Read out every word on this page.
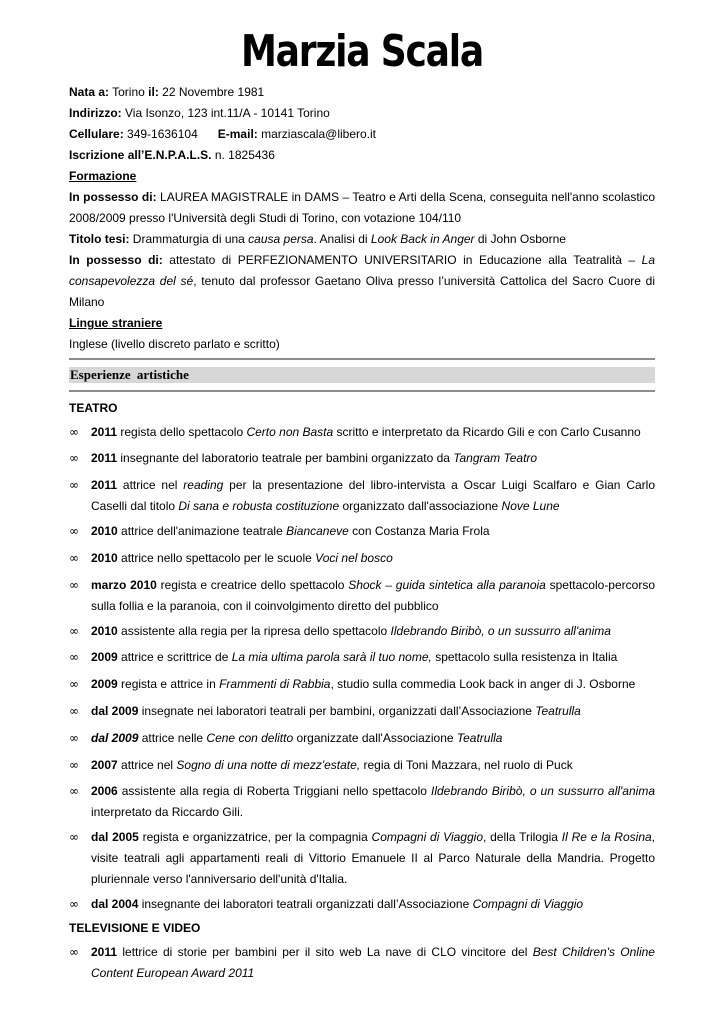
Marzia Scala

Nata a: Torino il: 22 Novembre 1981

Indirizzo: Via Isonzo, 123 int.11/A - 10141 Torino

Cellulare: 349-1636104 E-mail: marziascala@libero.it

Iscrizione all’E.N.P.A.L.S. n. 1825436

Formazione

In possesso di: LAUREA MAGISTRALE in DAMS – Teatro e Arti della Scena, conseguita nell'anno scolastico 2008/2009 presso l'Università degli Studi di Torino, con votazione 104/110

Titolo tesi: Drammaturgia di una causa persa. Analisi di Look Back in Anger di John Osborne

In possesso di: attestato di PERFEZIONAMENTO UNIVERSITARIO in Educazione alla Teatralità – La consapevolezza del sé, tenuto dal professor Gaetano Oliva presso l’università Cattolica del Sacro Cuore di Milano

Lingue straniere

Inglese (livello discreto parlato e scritto)

Esperienze artistiche
TEATRO
∞	2011 regista dello spettacolo Certo non Basta scritto e interpretato da Ricardo Gili e con Carlo Cusanno
∞	2011 insegnante del laboratorio teatrale per bambini organizzato da Tangram Teatro
∞	2011 attrice nel reading per la presentazione del libro-intervista a Oscar Luigi Scalfaro e Gian Carlo Caselli dal titolo Di sana e robusta costituzione organizzato dall'associazione Nove Lune
∞	2010 attrice dell'animazione teatrale Biancaneve con Costanza Maria Frola
∞	2010 attrice nello spettacolo per le scuole Voci nel bosco
∞	marzo 2010 regista e creatrice dello spettacolo Shock – guida sintetica alla paranoia spettacolo-percorso sulla follia e la paranoia, con il coinvolgimento diretto del pubblico
∞	2010 assistente alla regia per la ripresa dello spettacolo Ildebrando Biribò, o un sussurro all'anima
∞	2009 attrice e scrittrice de La mia ultima parola sarà il tuo nome, spettacolo sulla resistenza in Italia
∞	2009 regista e attrice in Frammenti di Rabbia, studio sulla commedia Look back in anger di J. Osborne
∞	dal 2009 insegnate nei laboratori teatrali per bambini, organizzati dall’Associazione Teatrulla
∞	dal 2009 attrice nelle Cene con delitto organizzate dall'Associazione Teatrulla
∞	2007 attrice nel Sogno di una notte di mezz'estate, regia di Toni Mazzara, nel ruolo di Puck
∞	2006 assistente alla regia di Roberta Triggiani nello spettacolo Ildebrando Biribò, o un sussurro all'anima interpretato da Riccardo Gili.
∞	dal 2005 regista e organizzatrice, per la compagnia Compagni di Viaggio, della Trilogia Il Re e la Rosina, visite teatrali agli appartamenti reali di Vittorio Emanuele II al Parco Naturale della Mandria. Progetto pluriennale verso l'anniversario dell'unità d'Italia.
∞	dal 2004 insegnante dei laboratori teatrali organizzati dall’Associazione Compagni di Viaggio
TELEVISIONE E VIDEO
∞	2011 lettrice di storie per bambini per il sito web La nave di CLO vincitore del Best Children's Online Content European Award 2011
